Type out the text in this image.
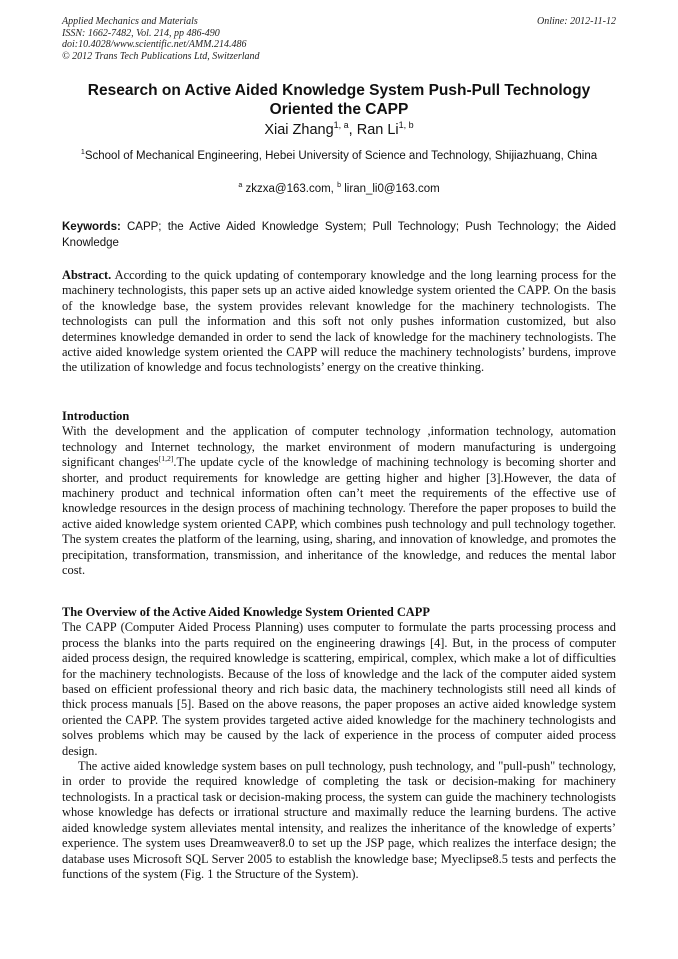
Applied Mechanics and Materials
ISSN: 1662-7482, Vol. 214, pp 486-490
doi:10.4028/www.scientific.net/AMM.214.486
© 2012 Trans Tech Publications Ltd, Switzerland
Online: 2012-11-12
Research on Active Aided Knowledge System Push-Pull Technology Oriented the CAPP
Xiai Zhang$^{1, a}$, Ran Li$^{1, b}$
$^1$School of Mechanical Engineering, Hebei University of Science and Technology, Shijiazhuang, China
$^a$ zkzxa@163.com, $^b$ liran_li0@163.com
Keywords: CAPP; the Active Aided Knowledge System; Pull Technology; Push Technology; the Aided Knowledge

Abstract. According to the quick updating of contemporary knowledge and the long learning process for the machinery technologists, this paper sets up an active aided knowledge system oriented the CAPP. On the basis of the knowledge base, the system provides relevant knowledge for the machinery technologists. The technologists can pull the information and this soft not only pushes information customized, but also determines knowledge demanded in order to send the lack of knowledge for the machinery technologists. The active aided knowledge system oriented the CAPP will reduce the machinery technologists’ burdens, improve the utilization of knowledge and focus technologists’ energy on the creative thinking.

Introduction

With the development and the application of computer technology ,information technology, automation technology and Internet technology, the market environment of modern manufacturing is undergoing significant changes[1,2].The update cycle of the knowledge of machining technology is becoming shorter and shorter, and product requirements for knowledge are getting higher and higher [3].However, the data of machinery product and technical information often can’t meet the requirements of the effective use of knowledge resources in the design process of machining technology. Therefore the paper proposes to build the active aided knowledge system oriented CAPP, which combines push technology and pull technology together. The system creates the platform of the learning, using, sharing, and innovation of knowledge, and promotes the precipitation, transformation, transmission, and inheritance of the knowledge, and reduces the mental labor cost.

The Overview of the Active Aided Knowledge System Oriented CAPP

The CAPP (Computer Aided Process Planning) uses computer to formulate the parts processing process and process the blanks into the parts required on the engineering drawings [4]. But, in the process of computer aided process design, the required knowledge is scattering, empirical, complex, which make a lot of difficulties for the machinery technologists. Because of the loss of knowledge and the lack of the computer aided system based on efficient professional theory and rich basic data, the machinery technologists still need all kinds of thick process manuals [5]. Based on the above reasons, the paper proposes an active aided knowledge system oriented the CAPP. The system provides targeted active aided knowledge for the machinery technologists and solves problems which may be caused by the lack of experience in the process of computer aided process design.

The active aided knowledge system bases on pull technology, push technology, and "pull-push" technology, in order to provide the required knowledge of completing the task or decision-making for machinery technologists. In a practical task or decision-making process, the system can guide the machinery technologists whose knowledge has defects or irrational structure and maximally reduce the learning burdens. The active aided knowledge system alleviates mental intensity, and realizes the inheritance of the knowledge of experts’ experience. The system uses Dreamweaver8.0 to set up the JSP page, which realizes the interface design; the database uses Microsoft SQL Server 2005 to establish the knowledge base; Myeclipse8.5 tests and perfects the functions of the system (Fig. 1 the Structure of the System).
